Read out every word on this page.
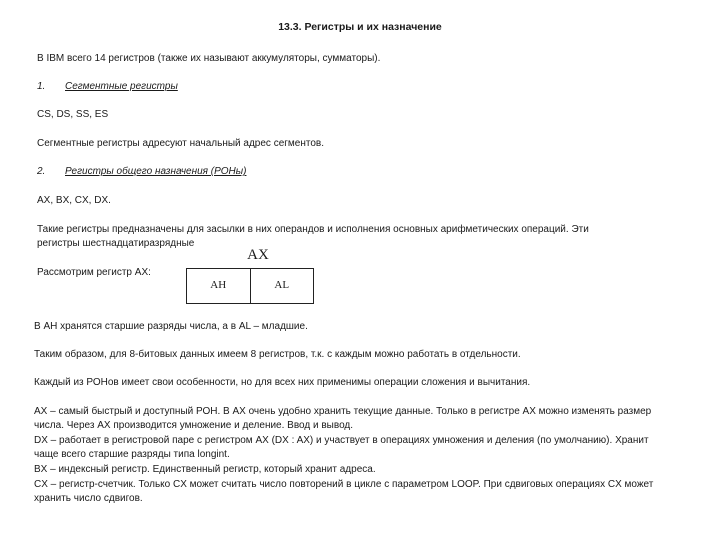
13.3. Регистры и их назначение
В IBM всего 14 регистров (также их называют аккумуляторы, сумматоры).
1. Сегментные регистры
CS, DS, SS, ES
Сегментные регистры адресуют начальный адрес сегментов.
2. Регистры общего назначения (РОНы)
AX, BX, CX, DX.
Такие регистры предназначены для засылки в них операндов и исполнения основных арифметических операций. Эти
регистры шестнадцатиразрядные
AX
Рассмотрим регистр AX:
AH	AL
В AH хранятся старшие разряды числа, а в AL – младшие.
Таким образом, для 8-битовых данных имеем 8 регистров, т.к. с каждым можно работать в отдельности.
Каждый из РОНов имеет свои особенности, но для всех них применимы операции сложения и вычитания.
AX – самый быстрый и доступный РОН. В AX очень удобно хранить текущие данные. Только в регистре AX можно изменять размер
числа. Через AX производится умножение и деление. Ввод и вывод.
DX – работает в регистровой паре с регистром AX (DX : AX) и участвует в операциях умножения и деления (по умолчанию). Хранит
чаще всего старшие разряды типа longint.
BX – индексный регистр. Единственный регистр, который хранит адреса.
CX – регистр-счетчик. Только CX может считать число повторений в цикле с параметром LOOP. При сдвиговых операциях CX может
хранить число сдвигов.
